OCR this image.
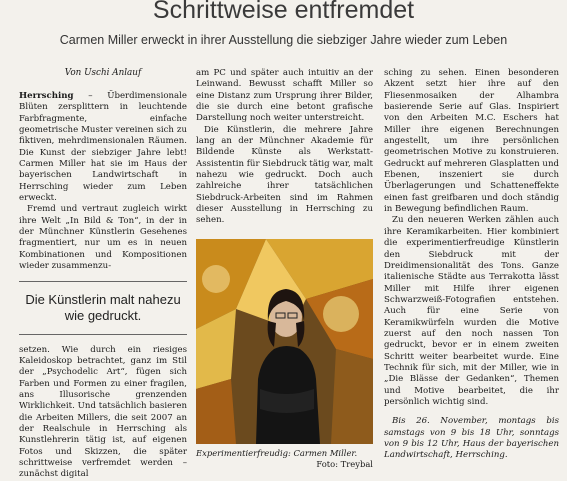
Schrittweise entfremdet
Carmen Miller erweckt in ihrer Ausstellung die siebziger Jahre wieder zum Leben

Von Uschi Anlauf

Herrsching – Überdimensionale Blüten zersplittern in leuchtende Farbfragmente, einfache geometrische Muster vereinen sich zu fiktiven, mehrdimensionalen Räumen. Die Kunst der siebziger Jahre lebt! Carmen Miller hat sie im Haus der bayerischen Landwirtschaft in Herrsching wieder zum Leben erweckt.

Fremd und vertraut zugleich wirkt ihre Welt „In Bild & Ton“, in der in der Münchner Künstlerin Gesehenes fragmentiert, nur um es in neuen Kombinationen und Kompositionen wieder zusammenzu-

Die Künstlerin malt nahezu wie gedruckt.

setzen. Wie durch ein riesiges Kaleidoskop betrachtet, ganz im Stil der „Psychodelic Art“, fügen sich Farben und Formen zu einer fragilen, ans Illusorische grenzenden Wirklichkeit. Und tatsächlich basieren die Arbeiten Millers, die seit 2007 an der Realschule in Herrsching als Kunstlehrerin tätig ist, auf eigenen Fotos und Skizzen, die später schrittweise verfremdet werden – zunächst digital

am PC und später auch intuitiv an der Leinwand. Bewusst schafft Miller so eine Distanz zum Ursprung ihrer Bilder, die sie durch eine betont grafische Darstellung noch weiter unterstreicht.

Die Künstlerin, die mehrere Jahre lang an der Münchner Akademie für Bildende Künste als Werkstatt-Assistentin für Siebdruck tätig war, malt nahezu wie gedruckt. Doch auch zahlreiche ihrer tatsächlichen Siebdruck-Arbeiten sind im Rahmen dieser Ausstellung in Herrsching zu sehen.

Experimentierfreudig: Carmen Miller.

Foto: Treybal

sching zu sehen. Einen besonderen Akzent setzt hier ihre auf den Fliesenmosaiken der Alhambra basierende Serie auf Glas. Inspiriert von den Arbeiten M.C. Eschers hat Miller ihre eigenen Berechnungen angestellt, um ihre persönlichen geometrischen Motive zu konstruieren. Gedruckt auf mehreren Glasplatten und Ebenen, inszeniert sie durch Überlagerungen und Schatteneffekte einen fast greifbaren und doch ständig in Bewegung befindlichen Raum.

Zu den neueren Werken zählen auch ihre Keramikarbeiten. Hier kombiniert die experimentierfreudige Künstlerin den Siebdruck mit der Dreidimensionalität des Tons. Ganze italienische Städte aus Terrakotta lässt Miller mit Hilfe ihrer eigenen Schwarzweiß-Fotografien entstehen. Auch für eine Serie von Keramikwürfeln wurden die Motive zuerst auf den noch nassen Ton gedruckt, bevor er in einem zweiten Schritt weiter bearbeitet wurde. Eine Technik für sich, mit der Miller, wie in „Die Blässe der Gedanken“, Themen und Motive bearbeitet, die ihr persönlich wichtig sind.

Bis 26. November, montags bis samstags von 9 bis 18 Uhr, sonntags von 9 bis 12 Uhr, Haus der bayerischen Landwirtschaft, Herrsching.
